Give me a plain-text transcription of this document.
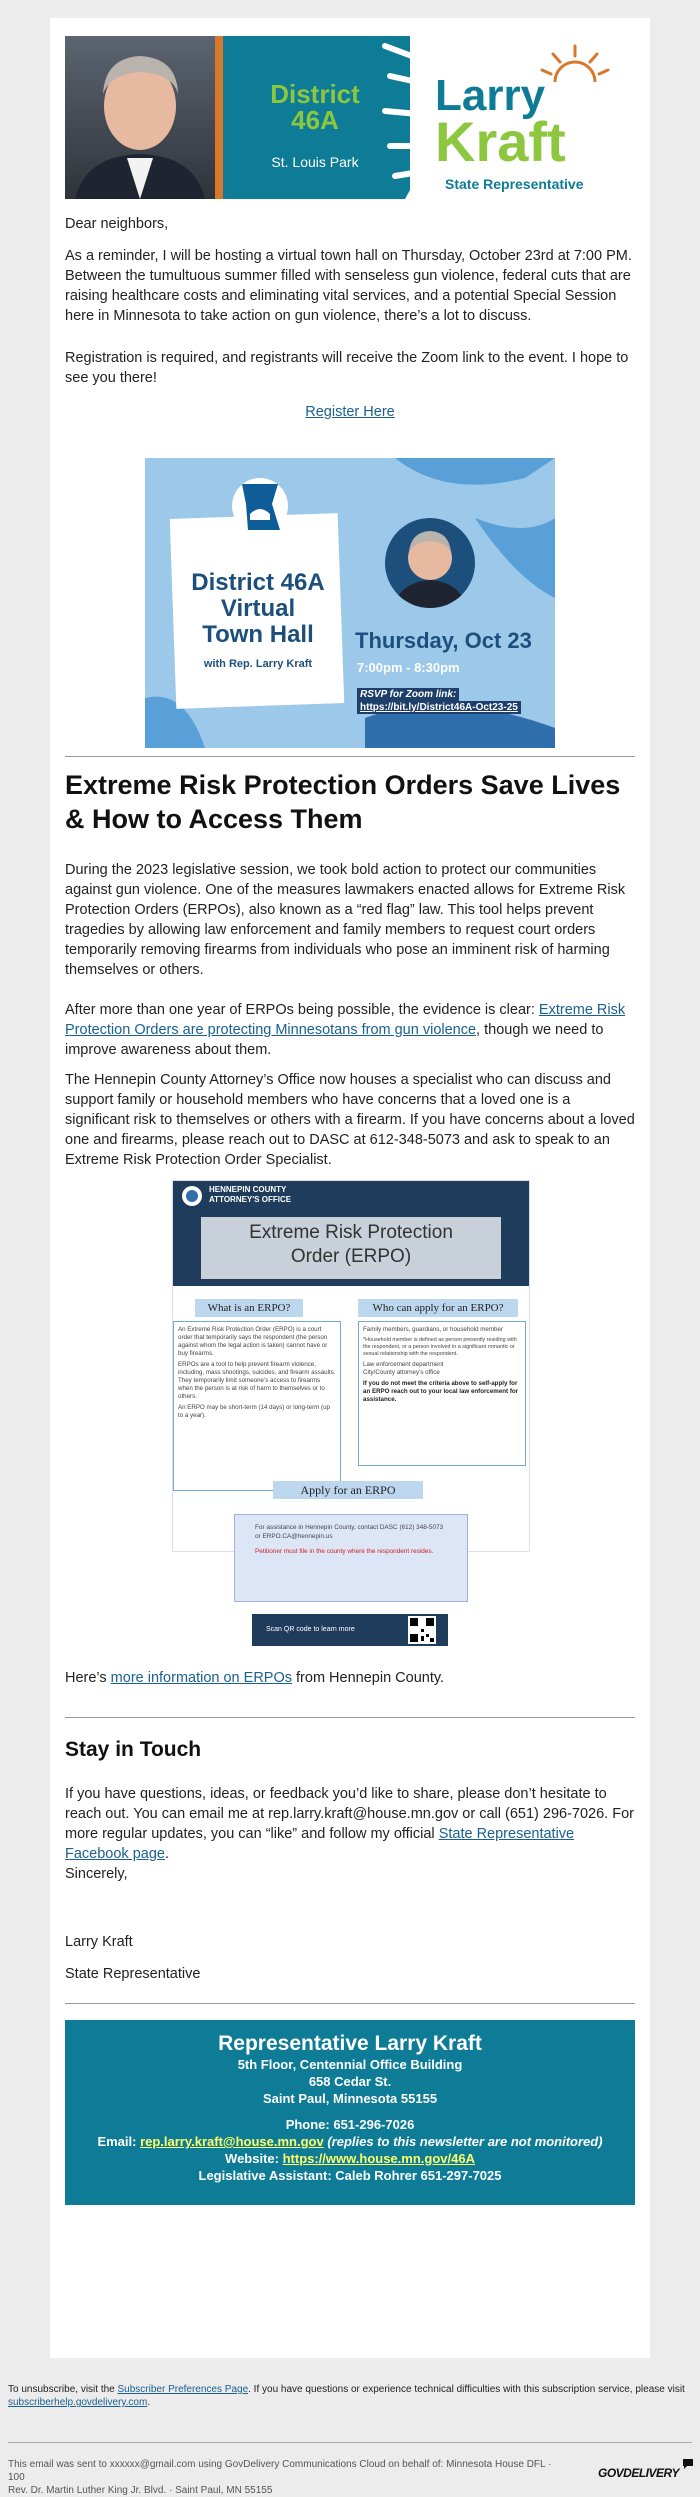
District
46A
St. Louis Park
Larry
Kraft
State Representative

Dear neighbors,

As a reminder, I will be hosting a virtual town hall on Thursday, October 23rd at 7:00 PM. Between the tumultuous summer filled with senseless gun violence, federal cuts that are raising healthcare costs and eliminating vital services, and a potential Special Session here in Minnesota to take action on gun violence, there’s a lot to discuss.

Registration is required, and registrants will receive the Zoom link to the event. I hope to see you there!

Register Here
District 46A
Virtual
Town Hall
with Rep. Larry Kraft
Thursday, Oct 23
7:00pm - 8:30pm
RSVP for Zoom link:
https://bit.ly/District46A-Oct23-25
Extreme Risk Protection Orders Save Lives & How to Access Them

During the 2023 legislative session, we took bold action to protect our communities against gun violence. One of the measures lawmakers enacted allows for Extreme Risk Protection Orders (ERPOs), also known as a “red flag” law. This tool helps prevent tragedies by allowing law enforcement and family members to request court orders temporarily removing firearms from individuals who pose an imminent risk of harming themselves or others.

After more than one year of ERPOs being possible, the evidence is clear: Extreme Risk Protection Orders are protecting Minnesotans from gun violence, though we need to improve awareness about them.

The Hennepin County Attorney’s Office now houses a specialist who can discuss and support family or household members who have concerns that a loved one is a significant risk to themselves or others with a firearm. If you have concerns about a loved one and firearms, please reach out to DASC at 612-348-5073 and ask to speak to an Extreme Risk Protection Order Specialist.

HENNEPIN COUNTY
ATTORNEY'S OFFICE
Extreme Risk Protection
Order (ERPO)
What is an ERPO?
An Extreme Risk Protection Order (ERPO) is a court order that temporarily says the respondent (the person against whom the legal action is taken) cannot have or buy firearms.
ERPOs are a tool to help prevent firearm violence, including, mass shootings, suicides, and firearm assaults. They temporarily limit someone’s access to firearms when the person is at risk of harm to themselves or to others.
An ERPO may be short-term (14 days) or long-term (up to a year).
Who can apply for an ERPO?
Family members, guardians, or household member
*Household member is defined as person presently residing with the respondent, or a person involved in a significant romantic or sexual relationship with the respondent.
Law enforcement department
City/County attorney’s office
If you do not meet the criteria above to self-apply for an ERPO reach out to your local law enforcement for assistance.
Apply for an ERPO
For assistance in Hennepin County, contact DASC (612) 348-5073 or ERPO.CA@hennepin.us
Petitioner must file in the county where the respondent resides.
Scan QR code to learn more

Here’s more information on ERPOs from Hennepin County.

Stay in Touch

If you have questions, ideas, or feedback you’d like to share, please don’t hesitate to reach out. You can email me at rep.larry.kraft@house.mn.gov or call (651) 296-7026. For more regular updates, you can “like” and follow my official State Representative Facebook page.

Sincerely,

Larry Kraft

State Representative

Representative Larry Kraft
5th Floor, Centennial Office Building
658 Cedar St.
Saint Paul, Minnesota 55155
Phone: 651-296-7026
Email: rep.larry.kraft@house.mn.gov (replies to this newsletter are not monitored)
Website: https://www.house.mn.gov/46A
Legislative Assistant: Caleb Rohrer 651-297-7025
To unsubscribe, visit the Subscriber Preferences Page. If you have questions or experience technical difficulties with this subscription service, please visit subscriberhelp.govdelivery.com.
This email was sent to xxxxxx@gmail.com using GovDelivery Communications Cloud on behalf of: Minnesota House DFL · 100
Rev. Dr. Martin Luther King Jr. Blvd. · Saint Paul, MN 55155
GOVDELIVERY
